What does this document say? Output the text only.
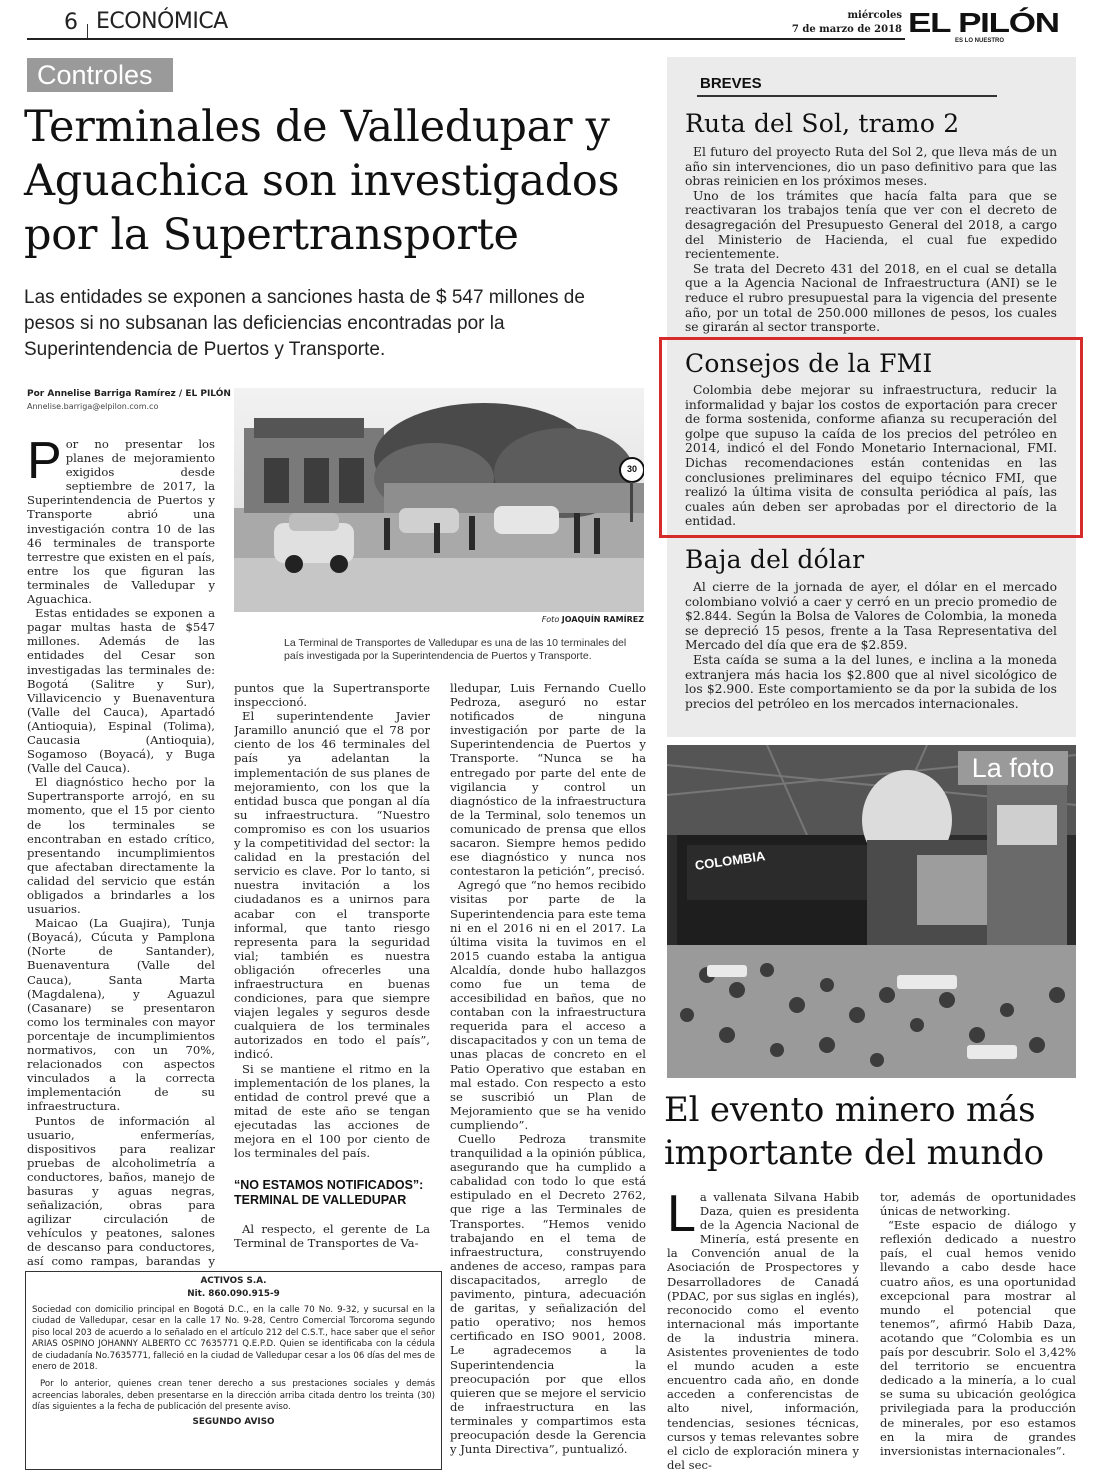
6 ECONÓMICA	miércoles
7 de marzo de 2018 EL PILÓN
ES LO NUESTRO
Controles
Terminales de Valledupar y Aguachica son investigados por la Supertransporte
Las entidades se exponen a sanciones hasta de $ 547 millones de pesos si no subsanan las deficiencias encontradas por la Superintendencia de Puertos y Transporte.
Por Annelise Barriga Ramírez / EL PILÓN
Annelise.barriga@elpilon.com.co
30
Foto JOAQUÍN RAMÍREZ
La Terminal de Transportes de Valledupar es una de las 10 terminales del país investigada por la Superintendencia de Puertos y Transporte.

Por no presentar los planes de mejoramiento exigidos desde septiembre de 2017, la Superintendencia de Puertos y Transporte abrió una investigación contra 10 de las 46 terminales de transporte terrestre que existen en el país, entre los que figuran las terminales de Valledupar y Aguachica.

Estas entidades se exponen a pagar multas hasta de $547 millones. Además de las entidades del Cesar son investigadas las terminales de: Bogotá (Salitre y Sur), Villavicencio y Buenaventura (Valle del Cauca), Apartadó (Antioquia), Espinal (Tolima), Caucasia (Antioquia), Sogamoso (Boyacá), y Buga (Valle del Cauca).

El diagnóstico hecho por la Supertransporte arrojó, en su momento, que el 15 por ciento de los terminales se encontraban en estado crítico, presentando incumplimientos que afectaban directamente la calidad del servicio que están obligados a brindarles a los usuarios.

Maicao (La Guajira), Tunja (Boyacá), Cúcuta y Pamplona (Norte de Santander), Buenaventura (Valle del Cauca), Santa Marta (Magdalena), y Aguazul (Casanare) se presentaron como los terminales con mayor porcentaje de incumplimientos normativos, con un 70%, relacionados con aspectos vinculados a la correcta implementación de su infraestructura.

Puntos de información al usuario, enfermerías, dispositivos para realizar pruebas de alcoholimetría a conductores, baños, manejo de basuras y aguas negras, señalización, obras para agilizar circulación de vehículos y peatones, salones de descanso para conductores, así como rampas, barandas y

puntos que la Supertransporte inspeccionó.

El superintendente Javier Jaramillo anunció que el 78 por ciento de los 46 terminales del país ya adelantan la implementación de sus planes de mejoramiento, con los que la entidad busca que pongan al día su infraestructura. “Nuestro compromiso es con los usuarios y la competitividad del sector: la calidad en la prestación del servicio es clave. Por lo tanto, si nuestra invitación a los ciudadanos es a unirnos para acabar con el transporte informal, que tanto riesgo representa para la seguridad vial; también es nuestra obligación ofrecerles una infraestructura en buenas condiciones, para que siempre viajen legales y seguros desde cualquiera de los terminales autorizados en todo el país”, indicó.

Si se mantiene el ritmo en la implementación de los planes, la entidad de control prevé que a mitad de este año se tengan ejecutadas las acciones de mejora en el 100 por ciento de los terminales del país.

“NO ESTAMOS NOTIFICADOS”: TERMINAL DE VALLEDUPAR

Al respecto, el gerente de La Terminal de Transportes de Va-

lledupar, Luis Fernando Cuello Pedroza, aseguró no estar notificados de ninguna investigación por parte de la Superintendencia de Puertos y Transporte. “Nunca se ha entregado por parte del ente de vigilancia y control un diagnóstico de la infraestructura de la Terminal, solo tenemos un comunicado de prensa que ellos sacaron. Siempre hemos pedido ese diagnóstico y nunca nos contestaron la petición”, precisó.

Agregó que “no hemos recibido visitas por parte de la Superintendencia para este tema ni en el 2016 ni en el 2017. La última visita la tuvimos en el 2015 cuando estaba la antigua Alcaldía, donde hubo hallazgos como fue un tema de accesibilidad en baños, que no contaban con la infraestructura requerida para el acceso a discapacitados y con un tema de unas placas de concreto en el Patio Operativo que estaban en mal estado. Con respecto a esto se suscribió un Plan de Mejoramiento que se ha venido cumpliendo”.

Cuello Pedroza transmite tranquilidad a la opinión pública, asegurando que ha cumplido a cabalidad con todo lo que está estipulado en el Decreto 2762, que rige a las Terminales de Transportes. “Hemos venido trabajando en el tema de infraestructura, construyendo andenes de acceso, rampas para discapacitados, arreglo de pavimento, pintura, adecuación de garitas, y señalización del patio operativo; nos hemos certificado en ISO 9001, 2008. Le agradecemos a la Superintendencia la preocupación por que ellos quieren que se mejore el servicio de infraestructura en las terminales y compartimos esta preocupación desde la Gerencia y Junta Directiva”, puntualizó.

ACTIVOS S.A.
Nit. 860.090.915-9
Sociedad con domicilio principal en Bogotá D.C., en la calle 70 No. 9-32, y sucursal en la ciudad de Valledupar, cesar en la calle 17 No. 9-28, Centro Comercial Torcoroma segundo piso local 203 de acuerdo a lo señalado en el artículo 212 del C.S.T., hace saber que el señor ARIAS OSPINO JOHANNY ALBERTO CC 7635771 Q.E.P.D. Quien se identificaba con la cédula de ciudadanía No.7635771, falleció en la ciudad de Valledupar cesar a los 06 días del mes de enero de 2018.
Por lo anterior, quienes crean tener derecho a sus prestaciones sociales y demás acreencias laborales, deben presentarse en la dirección arriba citada dentro los treinta (30) días siguientes a la fecha de publicación del presente aviso.
SEGUNDO AVISO
BREVES
Ruta del Sol, tramo 2

El futuro del proyecto Ruta del Sol 2, que lleva más de un año sin intervenciones, dio un paso definitivo para que las obras reinicien en los próximos meses.

Uno de los trámites que hacía falta para que se reactivaran los trabajos tenía que ver con el decreto de desagregación del Presupuesto General del 2018, a cargo del Ministerio de Hacienda, el cual fue expedido recientemente.

Se trata del Decreto 431 del 2018, en el cual se detalla que a la Agencia Nacional de Infraestructura (ANI) se le reduce el rubro presupuestal para la vigencia del presente año, por un total de 250.000 millones de pesos, los cuales se girarán al sector transporte.

Consejos de la FMI

Colombia debe mejorar su infraestructura, reducir la informalidad y bajar los costos de exportación para crecer de forma sostenida, conforme afianza su recuperación del golpe que supuso la caída de los precios del petróleo en 2014, indicó el del Fondo Monetario Internacional, FMI. Dichas recomendaciones están contenidas en las conclusiones preliminares del equipo técnico FMI, que realizó la última visita de consulta periódica al país, las cuales aún deben ser aprobadas por el directorio de la entidad.

Baja del dólar

Al cierre de la jornada de ayer, el dólar en el mercado colombiano volvió a caer y cerró en un precio promedio de $2.844. Según la Bolsa de Valores de Colombia, la moneda se depreció 15 pesos, frente a la Tasa Representativa del Mercado del día que era de $2.859.

Esta caída se suma a la del lunes, e inclina a la moneda extranjera más hacia los $2.800 que al nivel sicológico de los $2.900. Este comportamiento se da por la subida de los precios del petróleo en los mercados internacionales.

COLOMBIA
La foto
El evento minero más importante del mundo

La vallenata Silvana Habib Daza, quien es presidenta de la Agencia Nacional de Minería, está presente en la Convención anual de la Asociación de Prospectores y Desarrolladores de Canadá (PDAC, por sus siglas en inglés), reconocido como el evento internacional más importante de la industria minera. Asistentes provenientes de todo el mundo acuden a este encuentro cada año, en donde acceden a conferencistas de alto nivel, información, tendencias, sesiones técnicas, cursos y temas relevantes sobre el ciclo de exploración minera y del sec-

tor, además de oportunidades únicas de networking.

“Este espacio de diálogo y reflexión dedicado a nuestro país, el cual hemos venido llevando a cabo desde hace cuatro años, es una oportunidad excepcional para mostrar al mundo el potencial que tenemos”, afirmó Habib Daza, acotando que “Colombia es un país por descubrir. Solo el 3,42% del territorio se encuentra dedicado a la minería, a lo cual se suma su ubicación geológica privilegiada para la producción de minerales, por eso estamos en la mira de grandes inversionistas internacionales”.
